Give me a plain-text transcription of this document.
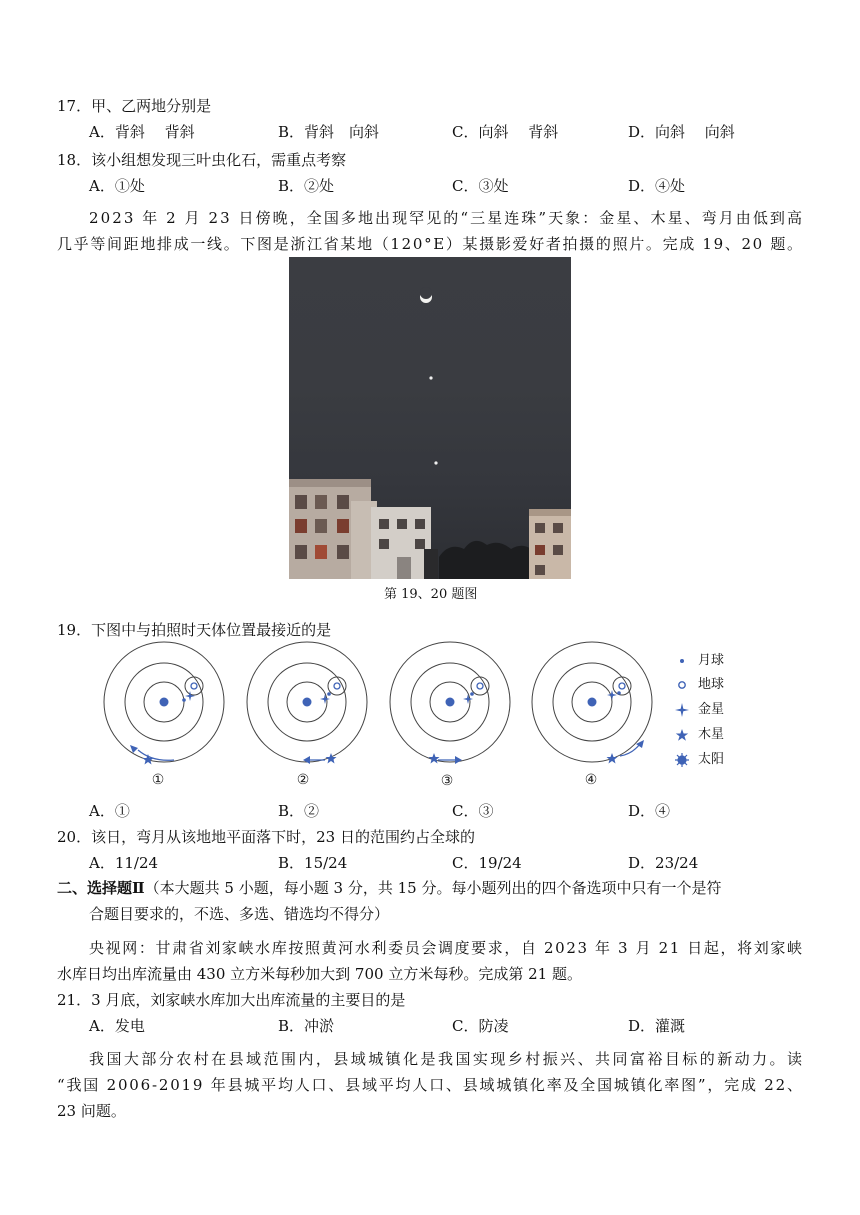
17．甲、乙两地分别是
A．背斜　 背斜	B．背斜　向斜	C．向斜　 背斜	D．向斜　 向斜
18．该小组想发现三叶虫化石，需重点考察
A．①处	B．②处	C．③处	D．④处
2023 年 2 月 23 日傍晚，全国多地出现罕见的“三星连珠”天象：金星、木星、弯月由低到高
几乎等间距地排成一线。下图是浙江省某地（120°E）某摄影爱好者拍摄的照片。完成 19、20 题。
第 19、20 题图
19．下图中与拍照时天体位置最接近的是
①	②	③	④
月球
地球
金星
木星
太阳
A．①	B．②	C．③	D．④
20．该日，弯月从该地地平面落下时，23 日的范围约占全球的
A．11/24	B．15/24	C．19/24	D．23/24
二、选择题Ⅱ（本大题共 5 小题，每小题 3 分，共 15 分。每小题列出的四个备选项中只有一个是符
合题目要求的，不选、多选、错选均不得分）
央视网：甘肃省刘家峡水库按照黄河水利委员会调度要求，自 2023 年 3 月 21 日起，将刘家峡
水库日均出库流量由 430 立方米每秒加大到 700 立方米每秒。完成第 21 题。
21．3 月底，刘家峡水库加大出库流量的主要目的是
A．发电	B．冲淤	C．防凌	D．灌溉
我国大部分农村在县域范围内，县域城镇化是我国实现乡村振兴、共同富裕目标的新动力。读
“我国 2006-2019 年县城平均人口、县域平均人口、县域城镇化率及全国城镇化率图”，完成 22、
23 问题。
